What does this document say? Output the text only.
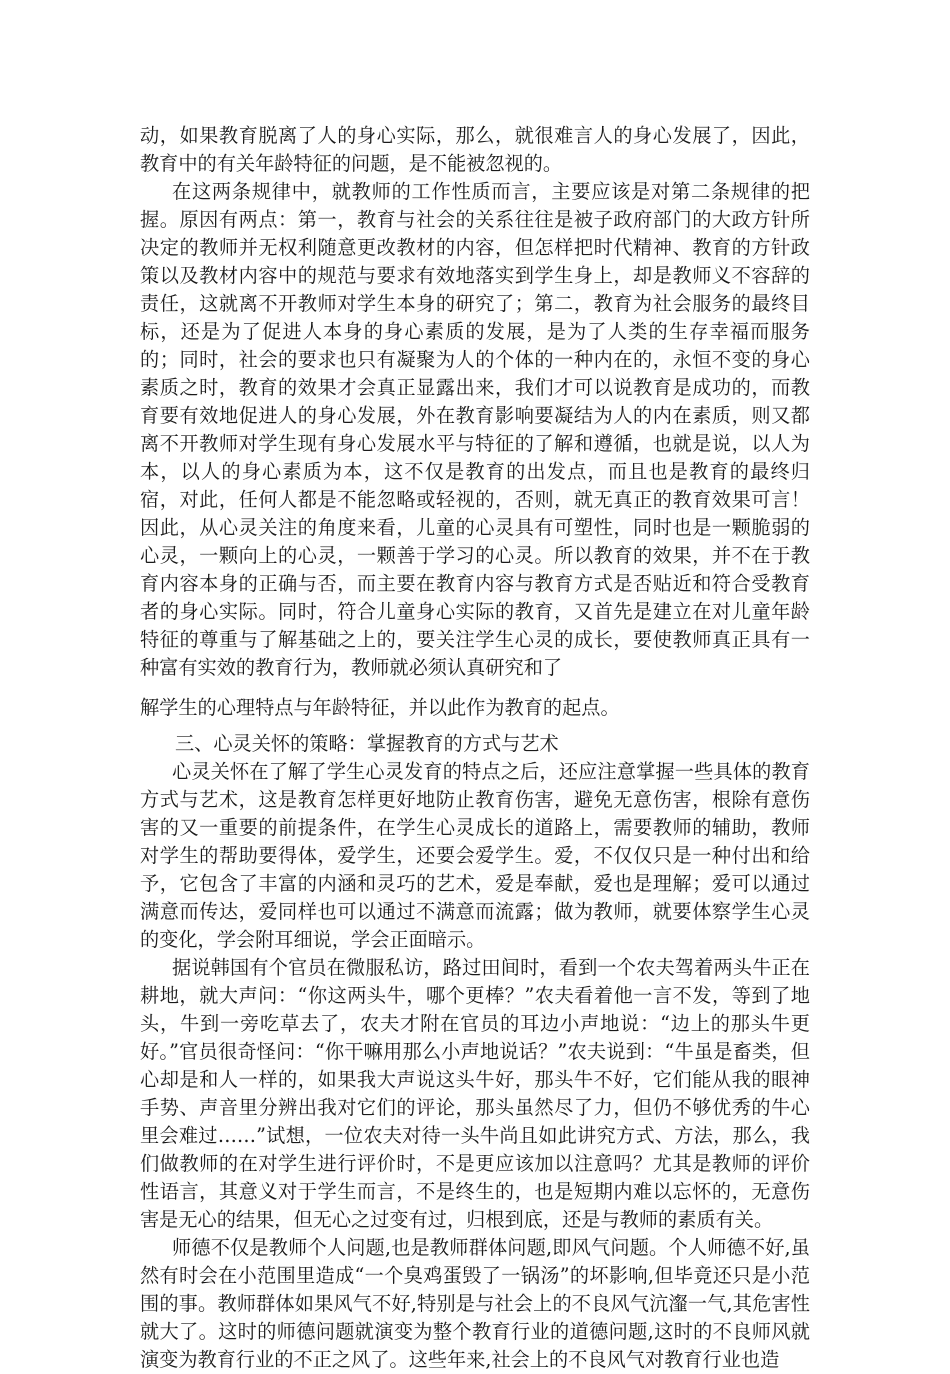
动，如果教育脱离了人的身心实际，那么，就很难言人的身心发展了，因此，教育中的有关年龄特征的问题，是不能被忽视的。

在这两条规律中，就教师的工作性质而言，主要应该是对第二条规律的把握。原因有两点：第一，教育与社会的关系往往是被子政府部门的大政方针所决定的教师并无权利随意更改教材的内容，但怎样把时代精神、教育的方针政策以及教材内容中的规范与要求有效地落实到学生身上，却是教师义不容辞的责任，这就离不开教师对学生本身的研究了；第二，教育为社会服务的最终目标，还是为了促进人本身的身心素质的发展，是为了人类的生存幸福而服务的；同时，社会的要求也只有凝聚为人的个体的一种内在的，永恒不变的身心素质之时，教育的效果才会真正显露出来，我们才可以说教育是成功的，而教育要有效地促进人的身心发展，外在教育影响要凝结为人的内在素质，则又都离不开教师对学生现有身心发展水平与特征的了解和遵循，也就是说，以人为本，以人的身心素质为本，这不仅是教育的出发点，而且也是教育的最终归宿，对此，任何人都是不能忽略或轻视的，否则，就无真正的教育效果可言！因此，从心灵关注的角度来看，儿童的心灵具有可塑性，同时也是一颗脆弱的心灵，一颗向上的心灵，一颗善于学习的心灵。所以教育的效果，并不在于教育内容本身的正确与否，而主要在教育内容与教育方式是否贴近和符合受教育者的身心实际。同时，符合儿童身心实际的教育，又首先是建立在对儿童年龄特征的尊重与了解基础之上的，要关注学生心灵的成长，要使教师真正具有一种富有实效的教育行为，教师就必须认真研究和了

解学生的心理特点与年龄特征，并以此作为教育的起点。

三、心灵关怀的策略：掌握教育的方式与艺术

心灵关怀在了解了学生心灵发育的特点之后，还应注意掌握一些具体的教育方式与艺术，这是教育怎样更好地防止教育伤害，避免无意伤害，根除有意伤害的又一重要的前提条件，在学生心灵成长的道路上，需要教师的辅助，教师对学生的帮助要得体，爱学生，还要会爱学生。爱，不仅仅只是一种付出和给予，它包含了丰富的内涵和灵巧的艺术，爱是奉献，爱也是理解；爱可以通过满意而传达，爱同样也可以通过不满意而流露；做为教师，就要体察学生心灵的变化，学会附耳细说，学会正面暗示。

据说韩国有个官员在微服私访，路过田间时，看到一个农夫驾着两头牛正在耕地，就大声问：“你这两头牛，哪个更棒？”农夫看着他一言不发，等到了地头，牛到一旁吃草去了，农夫才附在官员的耳边小声地说：“边上的那头牛更好。”官员很奇怪问：“你干嘛用那么小声地说话？”农夫说到：“牛虽是畜类，但心却是和人一样的，如果我大声说这头牛好，那头牛不好，它们能从我的眼神手势、声音里分辨出我对它们的评论，那头虽然尽了力，但仍不够优秀的牛心里会难过……”试想，一位农夫对待一头牛尚且如此讲究方式、方法，那么，我们做教师的在对学生进行评价时，不是更应该加以注意吗？尤其是教师的评价性语言，其意义对于学生而言，不是终生的，也是短期内难以忘怀的，无意伤害是无心的结果，但无心之过变有过，归根到底，还是与教师的素质有关。

师德不仅是教师个人问题,也是教师群体问题,即风气问题。个人师德不好,虽然有时会在小范围里造成“一个臭鸡蛋毁了一锅汤”的坏影响,但毕竟还只是小范围的事。教师群体如果风气不好,特别是与社会上的不良风气沆瀣一气,其危害性就大了。这时的师德问题就演变为整个教育行业的道德问题,这时的不良师风就演变为教育行业的不正之风了。这些年来,社会上的不良风气对教育行业也造
